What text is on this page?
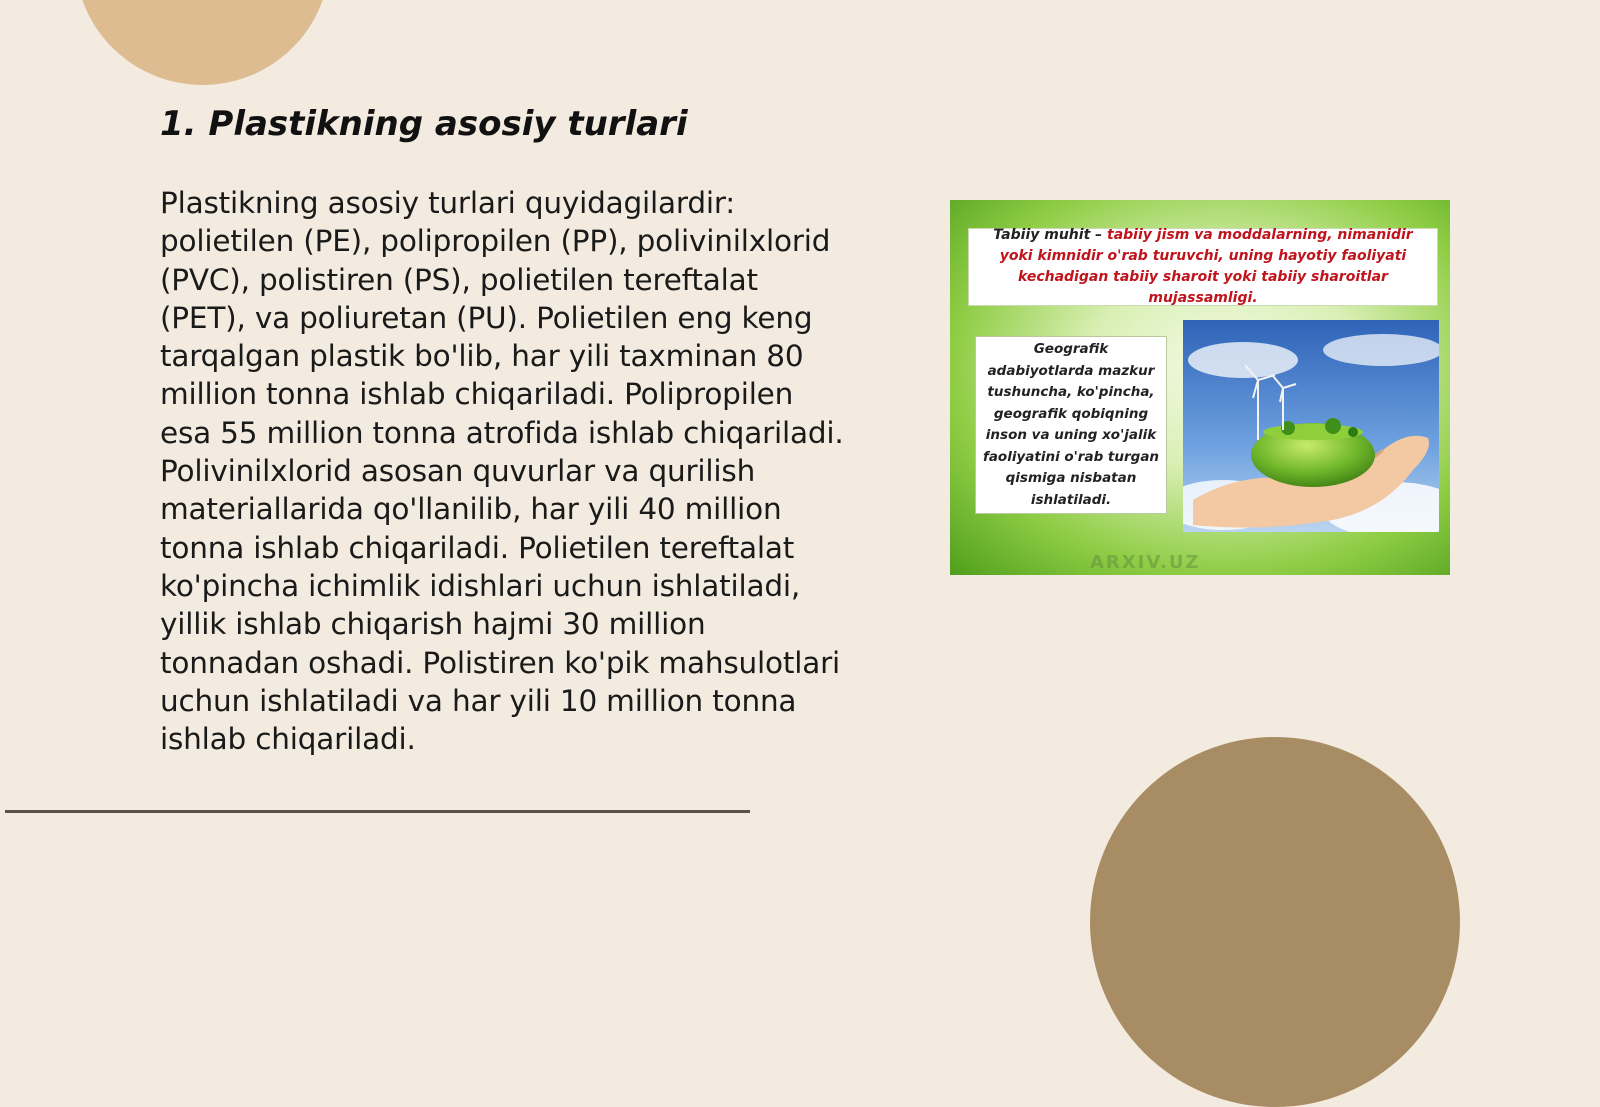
1. Plastikning asosiy turlari

Plastikning asosiy turlari quyidagilardir: polietilen (PE), polipropilen (PP), polivinilxlorid (PVC), polistiren (PS), polietilen tereftalat (PET), va poliuretan (PU). Polietilen eng keng tarqalgan plastik bo'lib, har yili taxminan 80 million tonna ishlab chiqariladi. Polipropilen esa 55 million tonna atrofida ishlab chiqariladi. Polivinilxlorid asosan quvurlar va qurilish materiallarida qo'llanilib, har yili 40 million tonna ishlab chiqariladi. Polietilen tereftalat ko'pincha ichimlik idishlari uchun ishlatiladi, yillik ishlab chiqarish hajmi 30 million tonnadan oshadi. Polistiren ko'pik mahsulotlari uchun ishlatiladi va har yili 10 million tonna ishlab chiqariladi.

Tabiiy muhit – tabiiy jism va moddalarning, nimanidir yoki kimnidir o'rab turuvchi, uning hayotiy faoliyati kechadigan tabiiy sharoit yoki tabiiy sharoitlar mujassamligi.
Geografik adabiyotlarda mazkur tushuncha, ko'pincha, geografik qobiqning inson va uning xo'jalik faoliyatini o'rab turgan qismiga nisbatan ishlatiladi.
ARXIV.UZ
